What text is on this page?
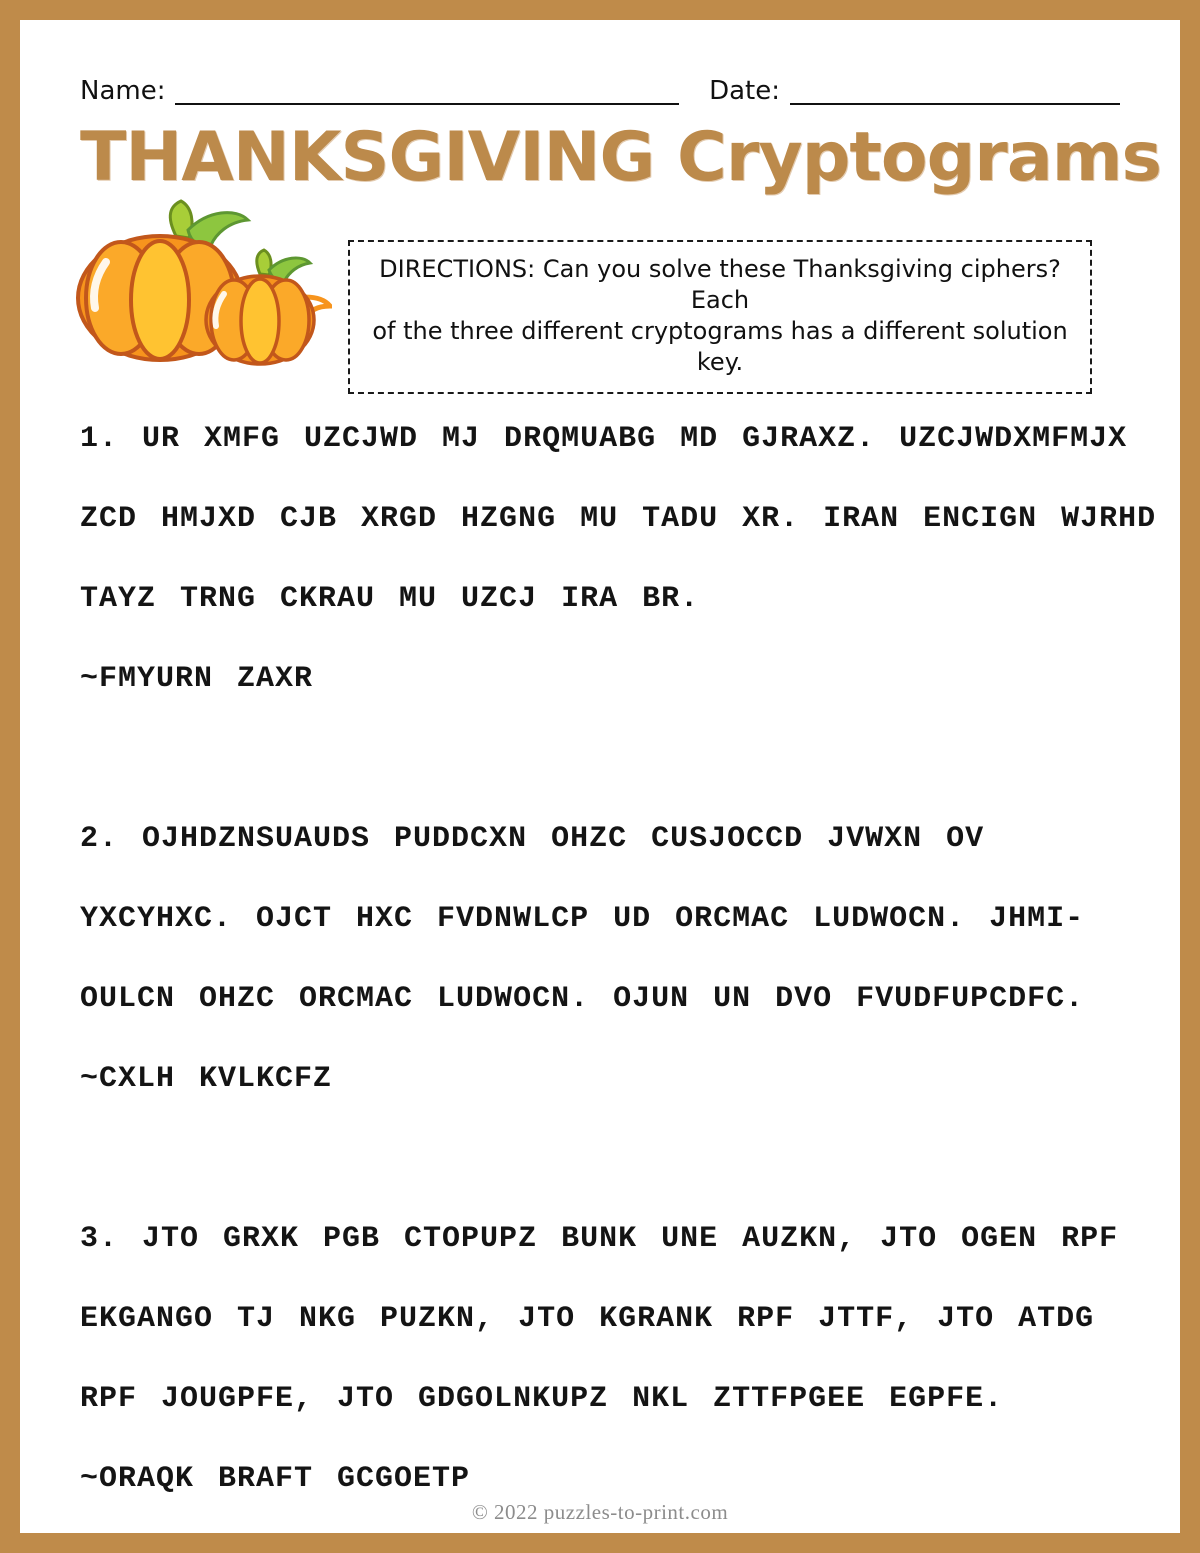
Name:	Date:
THANKSGIVING Cryptograms
DIRECTIONS: Can you solve these Thanksgiving ciphers?  Each
of the three different cryptograms has a different solution key.
1. UR XMFG UZCJWD MJ DRQMUABG MD GJRAXZ. UZCJWDXMFMJX
ZCD HMJXD CJB XRGD HZGNG MU TADU XR. IRAN ENCIGN WJRHD
TAYZ TRNG CKRAU MU UZCJ IRA BR.
~FMYURN ZAXR
2. OJHDZNSUAUDS PUDDCXN OHZC CUSJOCCD JVWXN OV
YXCYHXC. OJCT HXC FVDNWLCP UD ORCMAC LUDWOCN. JHMI-
OULCN OHZC ORCMAC LUDWOCN. OJUN UN DVO FVUDFUPCDFC.
~CXLH KVLKCFZ
3. JTO GRXK PGB CTOPUPZ BUNK UNE AUZKN, JTO OGEN RPF
EKGANGO TJ NKG PUZKN, JTO KGRANK RPF JTTF, JTO ATDG
RPF JOUGPFE, JTO GDGOLNKUPZ NKL ZTTFPGEE EGPFE.
~ORAQK BRAFT GCGOETP
© 2022 puzzles-to-print.com
